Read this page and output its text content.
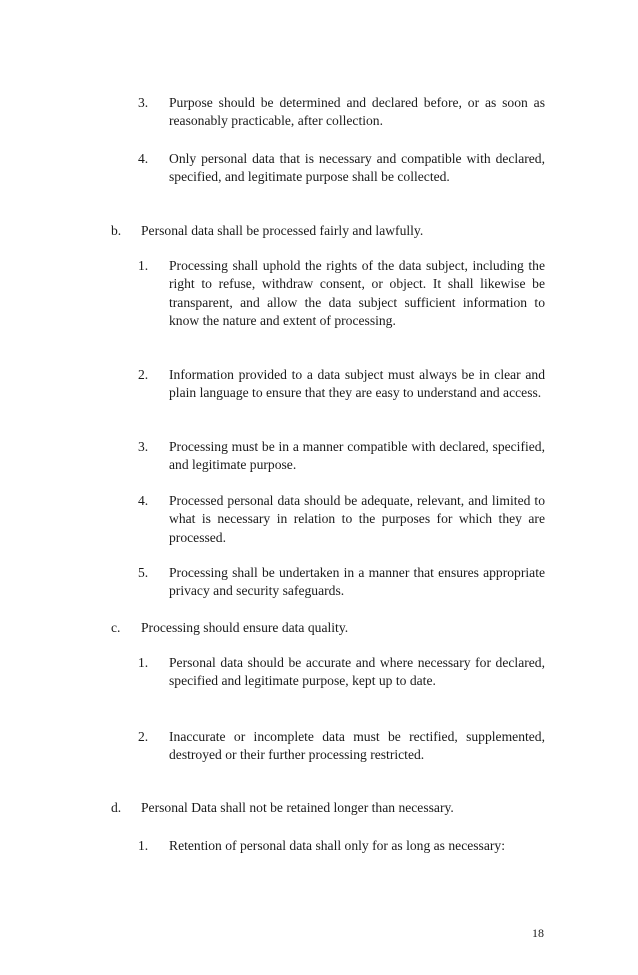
3. Purpose should be determined and declared before, or as soon as reasonably practicable, after collection.
4. Only personal data that is necessary and compatible with declared, specified, and legitimate purpose shall be collected.
b. Personal data shall be processed fairly and lawfully.
1. Processing shall uphold the rights of the data subject, including the right to refuse, withdraw consent, or object. It shall likewise be transparent, and allow the data subject sufficient information to know the nature and extent of processing.
2. Information provided to a data subject must always be in clear and plain language to ensure that they are easy to understand and access.
3. Processing must be in a manner compatible with declared, specified, and legitimate purpose.
4. Processed personal data should be adequate, relevant, and limited to what is necessary in relation to the purposes for which they are processed.
5. Processing shall be undertaken in a manner that ensures appropriate privacy and security safeguards.
c. Processing should ensure data quality.
1. Personal data should be accurate and where necessary for declared, specified and legitimate purpose, kept up to date.
2. Inaccurate or incomplete data must be rectified, supplemented, destroyed or their further processing restricted.
d. Personal Data shall not be retained longer than necessary.
1. Retention of personal data shall only for as long as necessary:
18
